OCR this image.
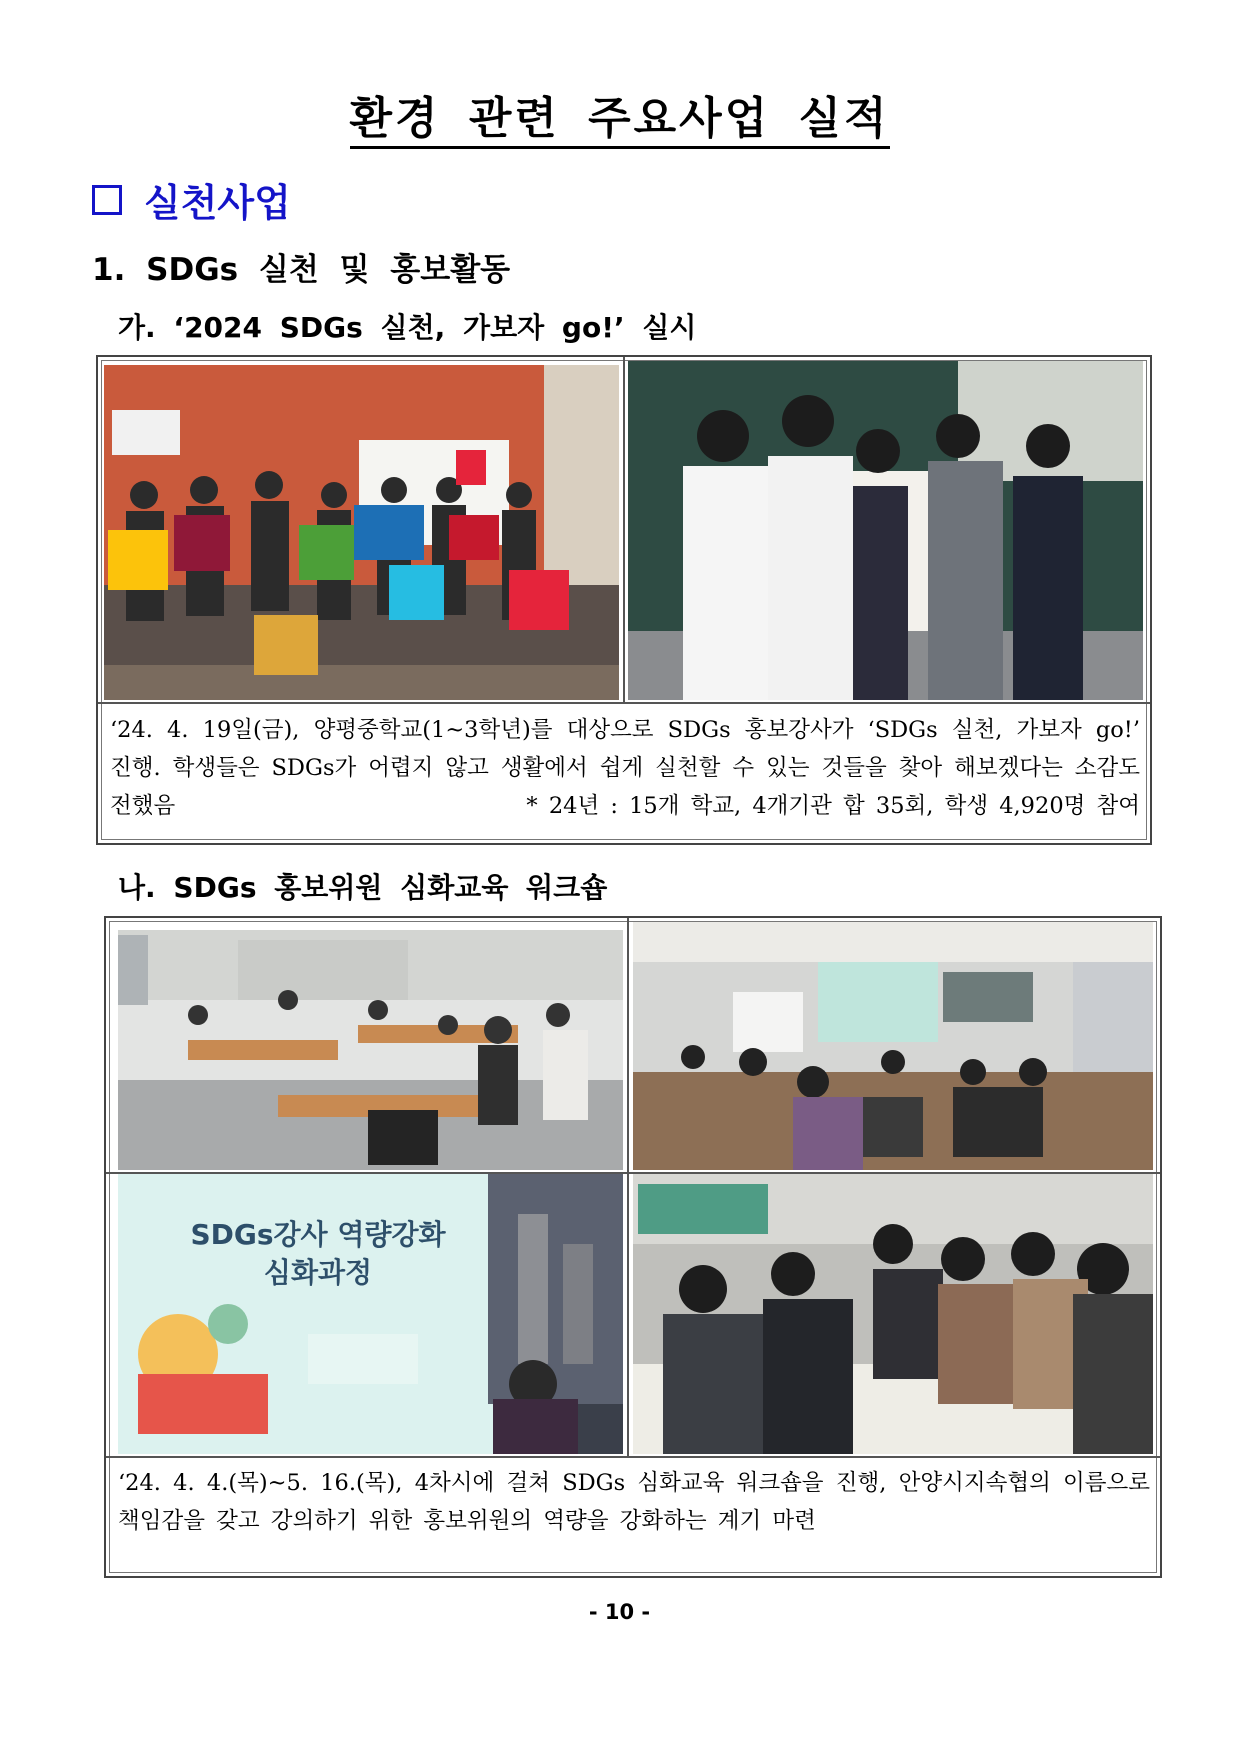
환경 관련 주요사업 실적
실천사업
1. SDGs 실천 및 홍보활동
가. ‘2024 SDGs 실천, 가보자 go!’ 실시
‘24. 4. 19일(금), 양평중학교(1~3학년)를 대상으로 SDGs 홍보강사가 ‘SDGs 실천, 가보자 go!’ 진행. 학생들은 SDGs가 어렵지 않고 생활에서 쉽게 실천할 수 있는 것들을 찾아 해보겠다는 소감도 전했음	* 24년 : 15개 학교, 4개기관 합 35회, 학생 4,920명 참여
나. SDGs 홍보위원 심화교육 워크숍
SDGs강사 역량강화
심화과정
‘24. 4. 4.(목)~5. 16.(목), 4차시에 걸쳐 SDGs 심화교육 워크숍을 진행, 안양시지속협의 이름으로 책임감을 갖고 강의하기 위한 홍보위원의 역량을 강화하는 계기 마련
- 10 -
